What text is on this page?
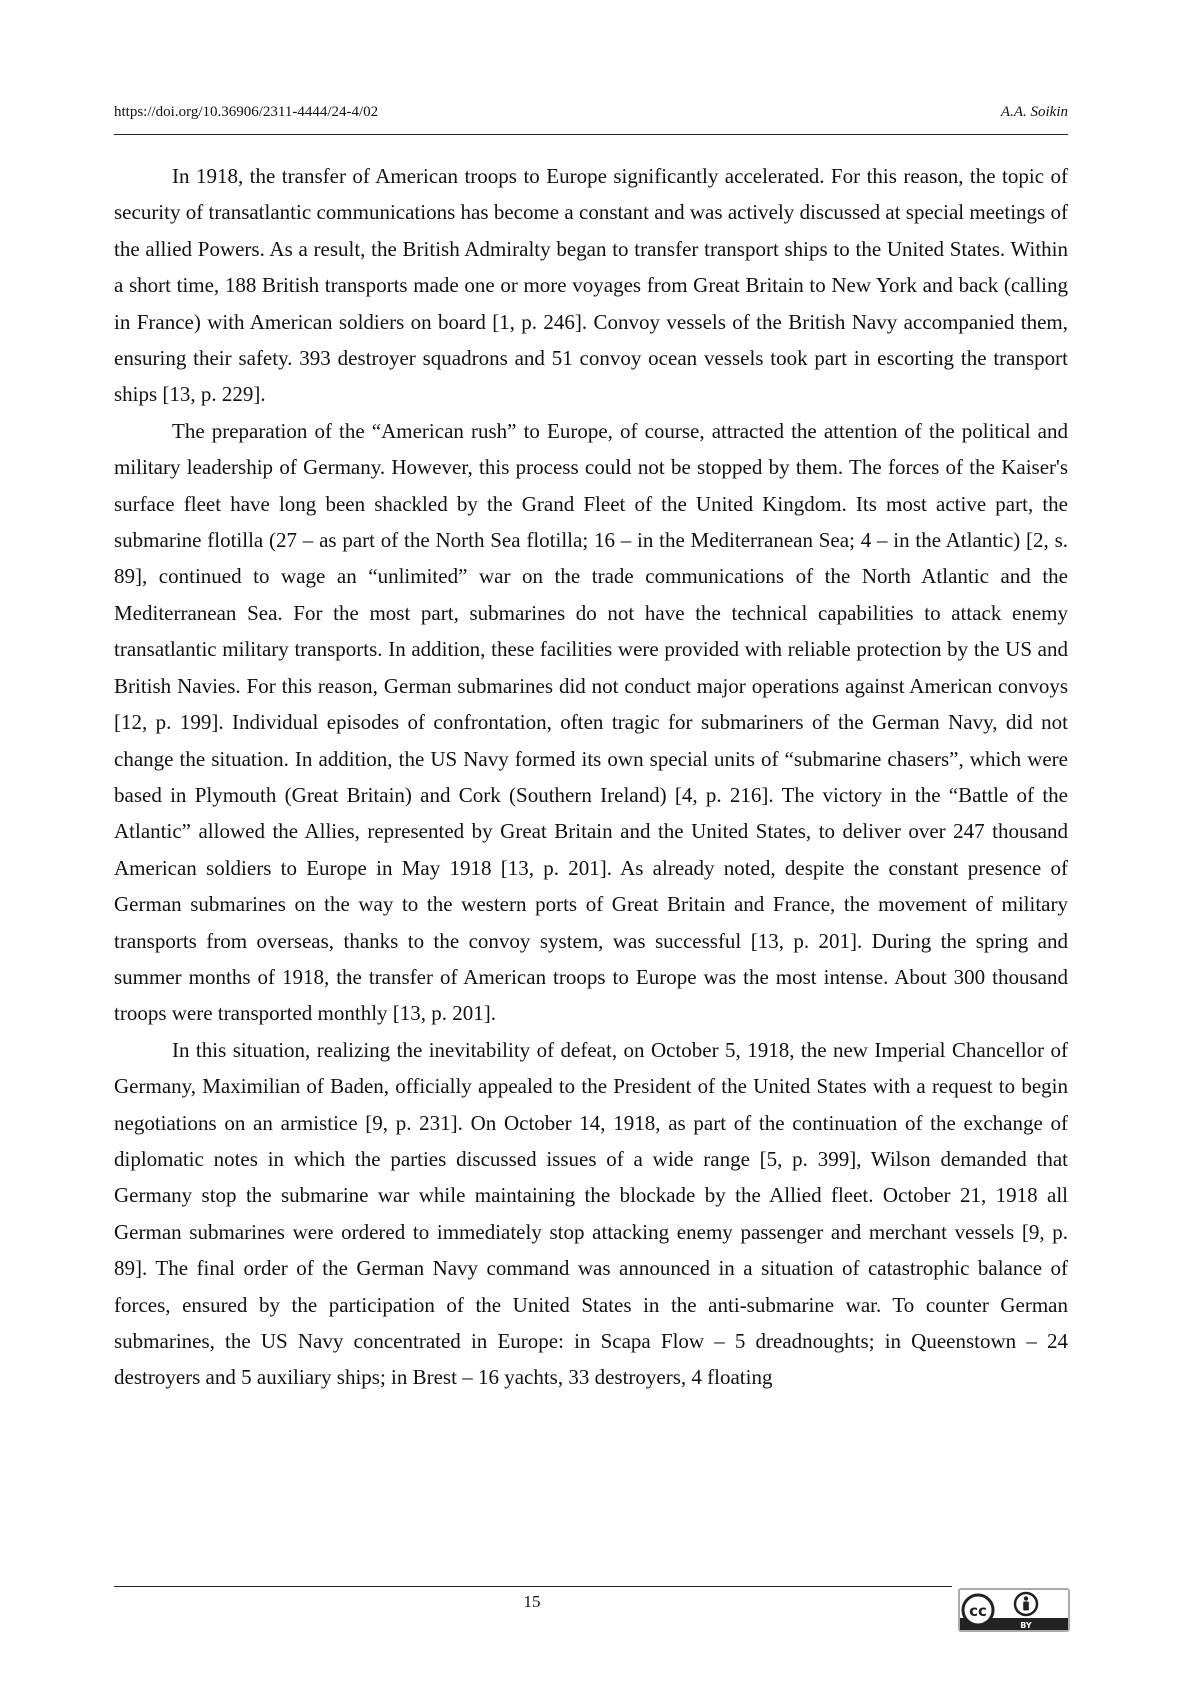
https://doi.org/10.36906/2311-4444/24-4/02	A.A. Soikin

In 1918, the transfer of American troops to Europe significantly accelerated. For this reason, the topic of security of transatlantic communications has become a constant and was actively discussed at special meetings of the allied Powers. As a result, the British Admiralty began to transfer transport ships to the United States. Within a short time, 188 British transports made one or more voyages from Great Britain to New York and back (calling in France) with American soldiers on board [1, p. 246]. Convoy vessels of the British Navy accompanied them, ensuring their safety. 393 destroyer squadrons and 51 convoy ocean vessels took part in escorting the transport ships [13, p. 229].

The preparation of the “American rush” to Europe, of course, attracted the attention of the political and military leadership of Germany. However, this process could not be stopped by them. The forces of the Kaiser's surface fleet have long been shackled by the Grand Fleet of the United Kingdom. Its most active part, the submarine flotilla (27 – as part of the North Sea flotilla; 16 – in the Mediterranean Sea; 4 – in the Atlantic) [2, s. 89], continued to wage an “unlimited” war on the trade communications of the North Atlantic and the Mediterranean Sea. For the most part, submarines do not have the technical capabilities to attack enemy transatlantic military transports. In addition, these facilities were provided with reliable protection by the US and British Navies. For this reason, German submarines did not conduct major operations against American convoys [12, p. 199]. Individual episodes of confrontation, often tragic for submariners of the German Navy, did not change the situation. In addition, the US Navy formed its own special units of “submarine chasers”, which were based in Plymouth (Great Britain) and Cork (Southern Ireland) [4, p. 216]. The victory in the “Battle of the Atlantic” allowed the Allies, represented by Great Britain and the United States, to deliver over 247 thousand American soldiers to Europe in May 1918 [13, p. 201]. As already noted, despite the constant presence of German submarines on the way to the western ports of Great Britain and France, the movement of military transports from overseas, thanks to the convoy system, was successful [13, p. 201]. During the spring and summer months of 1918, the transfer of American troops to Europe was the most intense. About 300 thousand troops were transported monthly [13, p. 201].

In this situation, realizing the inevitability of defeat, on October 5, 1918, the new Imperial Chancellor of Germany, Maximilian of Baden, officially appealed to the President of the United States with a request to begin negotiations on an armistice [9, p. 231]. On October 14, 1918, as part of the continuation of the exchange of diplomatic notes in which the parties discussed issues of a wide range [5, p. 399], Wilson demanded that Germany stop the submarine war while maintaining the blockade by the Allied fleet. October 21, 1918 all German submarines were ordered to immediately stop attacking enemy passenger and merchant vessels [9, p. 89]. The final order of the German Navy command was announced in a situation of catastrophic balance of forces, ensured by the participation of the United States in the anti-submarine war. To counter German submarines, the US Navy concentrated in Europe: in Scapa Flow – 5 dreadnoughts; in Queenstown – 24 destroyers and 5 auxiliary ships; in Brest – 16 yachts, 33 destroyers, 4 floating

15	cc
BY
